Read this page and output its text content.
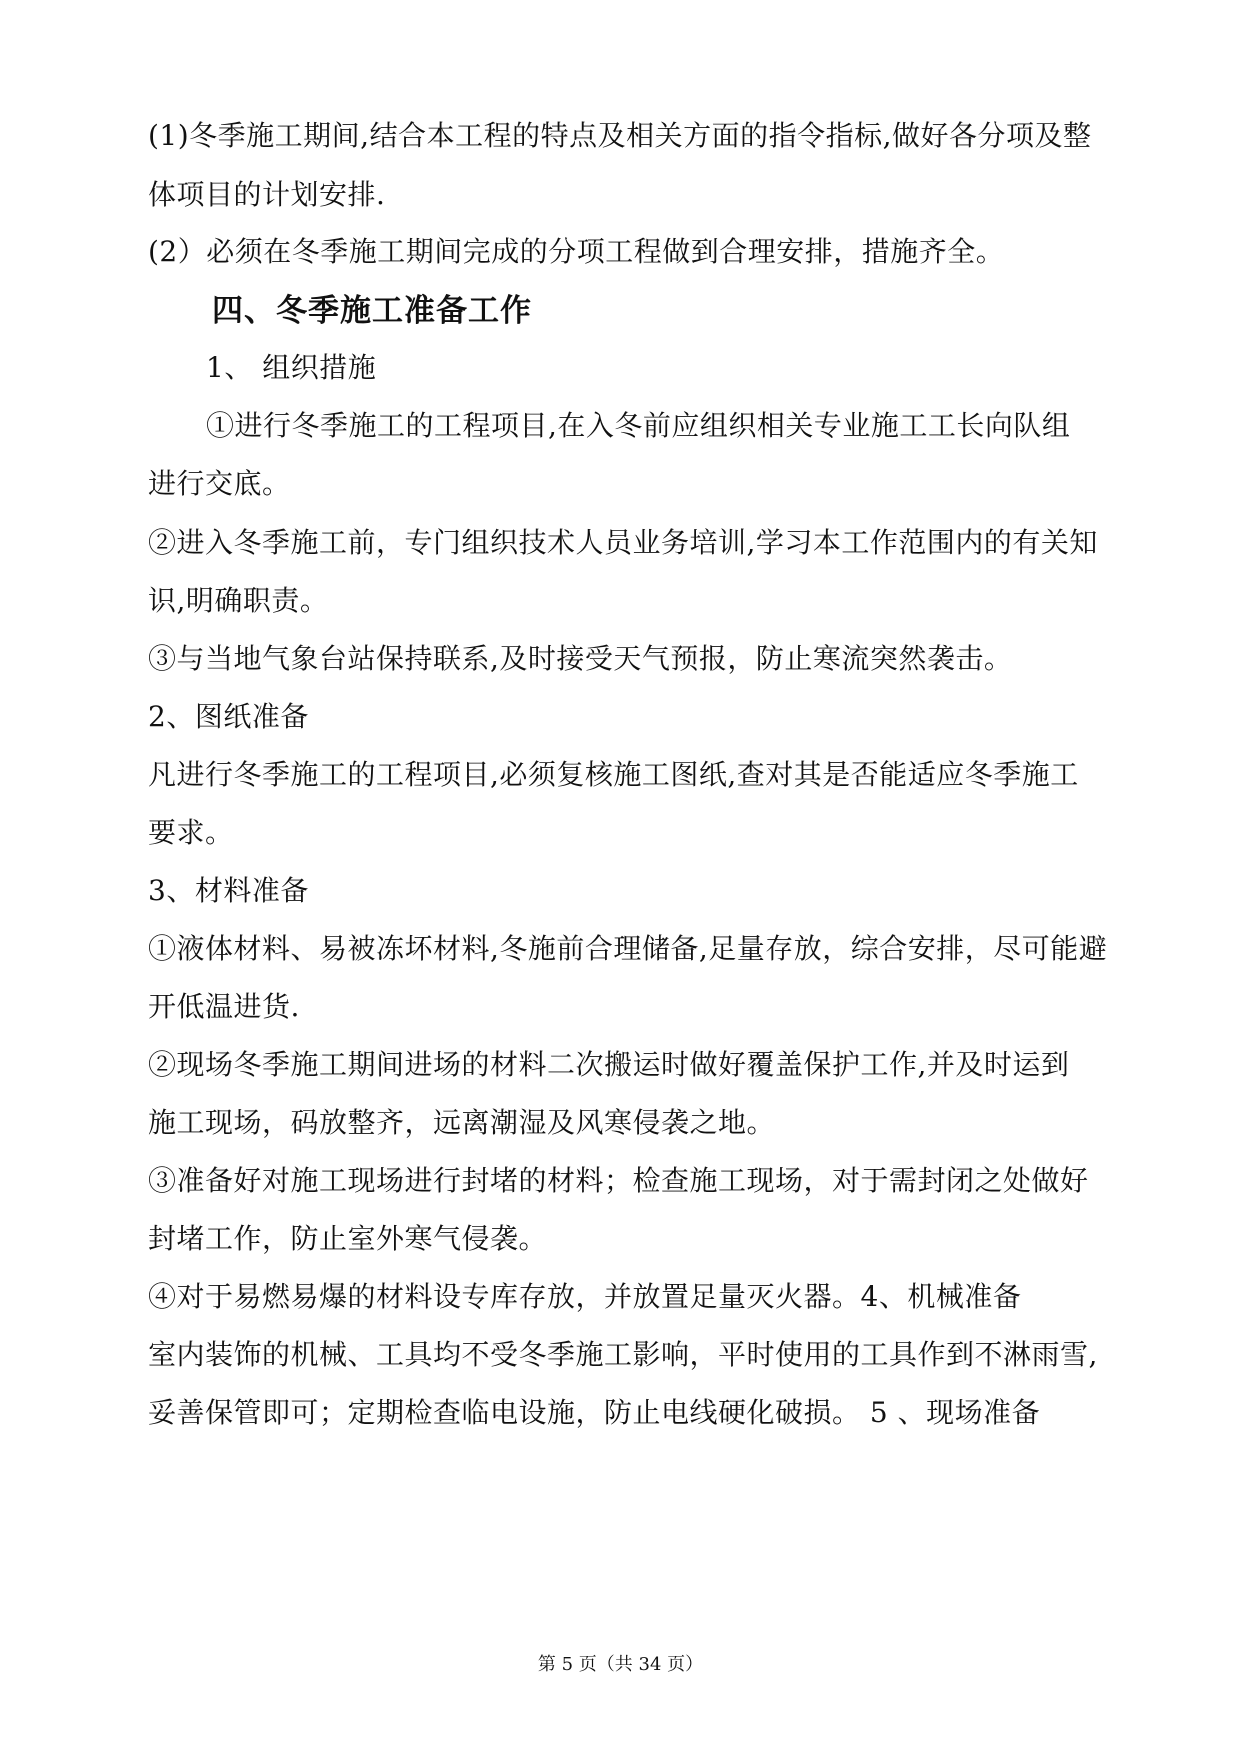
(1)冬季施工期间,结合本工程的特点及相关方面的指令指标,做好各分项及整
体项目的计划安排.
(2）必须在冬季施工期间完成的分项工程做到合理安排，措施齐全。
四、冬季施工准备工作
1、 组织措施
①进行冬季施工的工程项目,在入冬前应组织相关专业施工工长向队组
进行交底。
②进入冬季施工前，专门组织技术人员业务培训,学习本工作范围内的有关知
识,明确职责。
③与当地气象台站保持联系,及时接受天气预报，防止寒流突然袭击。
2、图纸准备
凡进行冬季施工的工程项目,必须复核施工图纸,查对其是否能适应冬季施工
要求。
3、材料准备
①液体材料、易被冻坏材料,冬施前合理储备,足量存放，综合安排，尽可能避
开低温进货.
②现场冬季施工期间进场的材料二次搬运时做好覆盖保护工作,并及时运到
施工现场，码放整齐，远离潮湿及风寒侵袭之地。
③准备好对施工现场进行封堵的材料；检查施工现场，对于需封闭之处做好
封堵工作，防止室外寒气侵袭。
④对于易燃易爆的材料设专库存放，并放置足量灭火器。4、机械准备
室内装饰的机械、工具均不受冬季施工影响，平时使用的工具作到不淋雨雪,
妥善保管即可；定期检查临电设施，防止电线硬化破损。 5 、现场准备
第 5 页（共 34 页）
